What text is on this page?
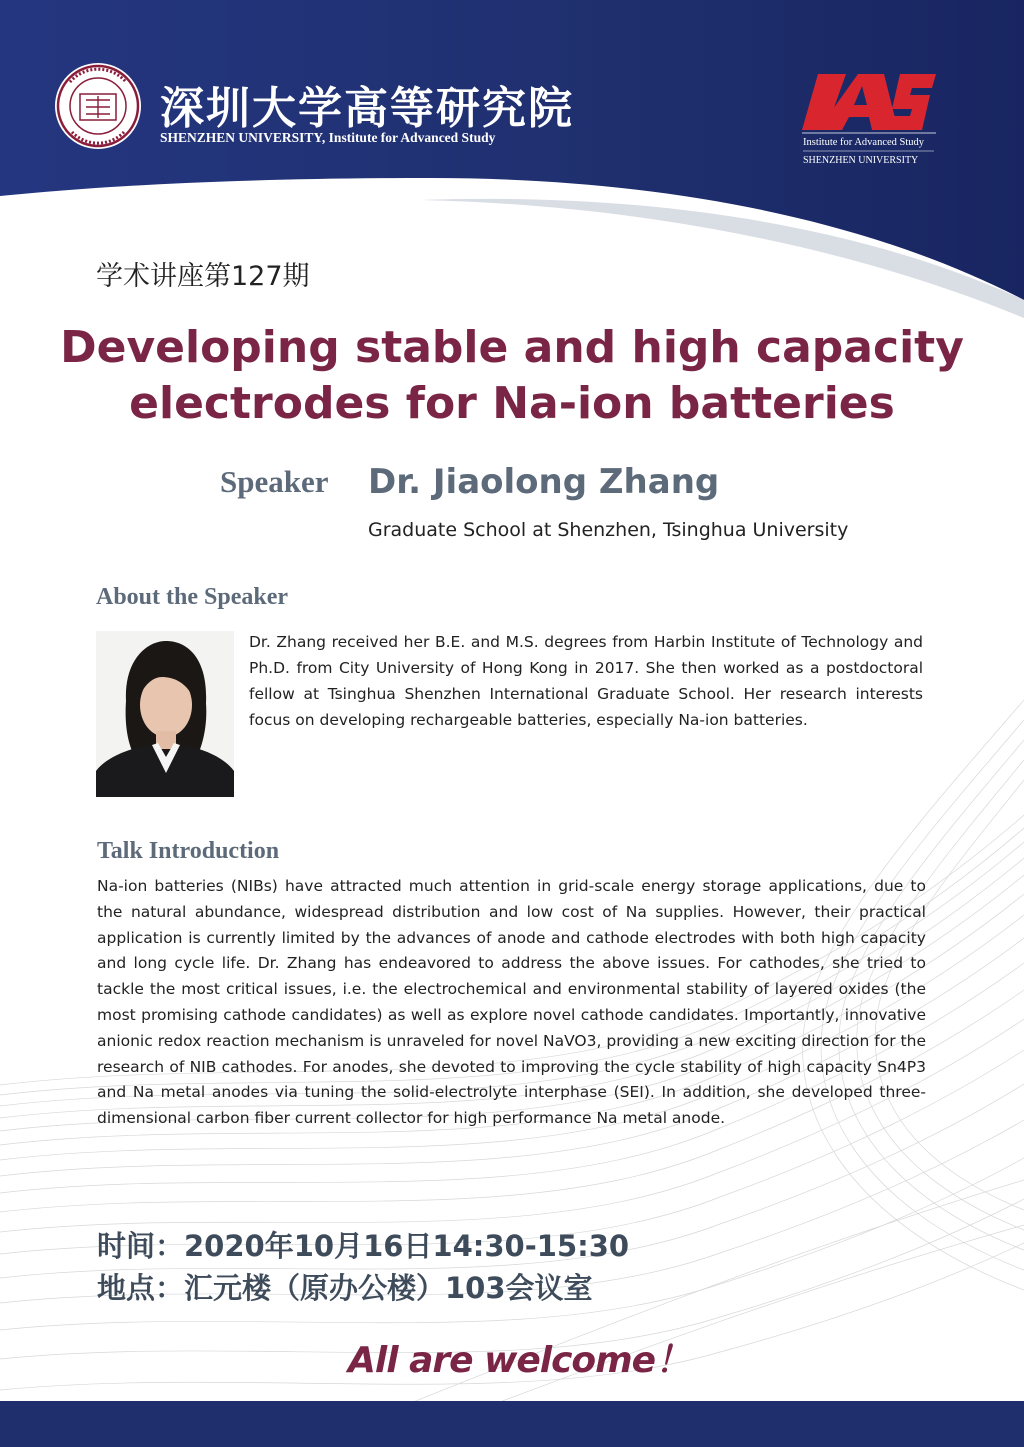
深圳大学高等研究院
SHENZHEN UNIVERSITY, Institute for Advanced Study	Institute for Advanced Study
SHENZHEN UNIVERSITY
学术讲座第127期
Developing stable and high capacity
electrodes for Na-ion batteries
Speaker Dr. Jiaolong Zhang
Graduate School at Shenzhen, Tsinghua University
About the Speaker
Dr. Zhang received her B.E. and M.S. degrees from Harbin Institute of Technology and Ph.D. from City University of Hong Kong in 2017. She then worked as a postdoctoral fellow at Tsinghua Shenzhen International Graduate School. Her research interests focus on developing rechargeable batteries, especially Na-ion batteries.
Talk Introduction
Na-ion batteries (NIBs) have attracted much attention in grid-scale energy storage applications, due to the natural abundance, widespread distribution and low cost of Na supplies. However, their practical application is currently limited by the advances of anode and cathode electrodes with both high capacity and long cycle life. Dr. Zhang has endeavored to address the above issues. For cathodes, she tried to tackle the most critical issues, i.e. the electrochemical and environmental stability of layered oxides (the most promising cathode candidates) as well as explore novel cathode candidates. Importantly, innovative anionic redox reaction mechanism is unraveled for novel NaVO3, providing a new exciting direction for the research of NIB cathodes. For anodes, she devoted to improving the cycle stability of high capacity Sn4P3 and Na metal anodes via tuning the solid-electrolyte interphase (SEI). In addition, she developed three-dimensional carbon fiber current collector for high performance Na metal anode.
时间：2020年10月16日14:30-15:30
地点：汇元楼（原办公楼）103会议室
All are welcome！
